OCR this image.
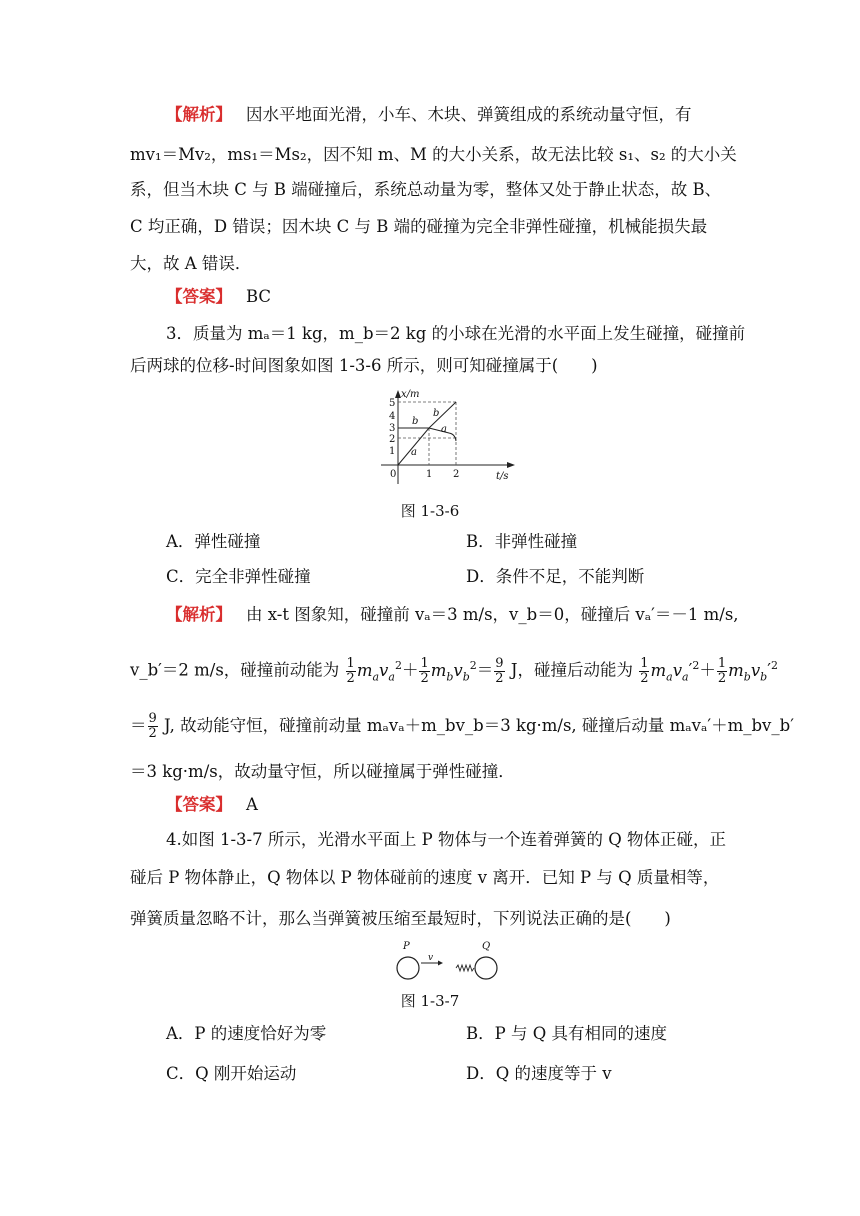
【解析】 因水平地面光滑，小车、木块、弹簧组成的系统动量守恒，有
mv₁＝Mv₂，ms₁＝Ms₂，因不知 m、M 的大小关系，故无法比较 s₁、s₂ 的大小关
系，但当木块 C 与 B 端碰撞后，系统总动量为零，整体又处于静止状态，故 B、
C 均正确，D 错误；因木块 C 与 B 端的碰撞为完全非弹性碰撞，机械能损失最
大，故 A 错误．
【答案】 BC
3．质量为 mₐ＝1 kg，m_b＝2 kg 的小球在光滑的水平面上发生碰撞，碰撞前
后两球的位移-时间图象如图 1-3-6 所示，则可知碰撞属于(　　)
5
4
3
2
1
0	1 2	t/s
x/m
a
b
b
a
图 1-3-6
A．弹性碰撞	B．非弹性碰撞
C．完全非弹性碰撞	D．条件不足，不能判断
【解析】 由 x-t 图象知，碰撞前 vₐ＝3 m/s，v_b＝0，碰撞后 vₐ′＝－1 m/s,
v_b′＝2 m/s，碰撞前动能为 $\frac{1}{2} m_av_a^2+ \frac{1}{2} m_bv_b^2= \frac{9}{2}$ J，碰撞后动能为 $\frac{1}{2} m_av_a'^2+ \frac{1}{2} m_bv_b'^2$
＝ $\frac{9}{2} J$, 故动能守恒，碰撞前动量 mₐvₐ＋m_bv_b＝3 kg·m/s, 碰撞后动量 mₐvₐ′＋m_bv_b′
＝3 kg·m/s，故动量守恒，所以碰撞属于弹性碰撞．
【答案】 A
4.如图 1-3-7 所示，光滑水平面上 P 物体与一个连着弹簧的 Q 物体正碰，正
碰后 P 物体静止，Q 物体以 P 物体碰前的速度 v 离开．已知 P 与 Q 质量相等，
弹簧质量忽略不计，那么当弹簧被压缩至最短时，下列说法正确的是(　　)
P	Q
v
图 1-3-7
A．P 的速度恰好为零	B．P 与 Q 具有相同的速度
C．Q 刚开始运动	D．Q 的速度等于 v
